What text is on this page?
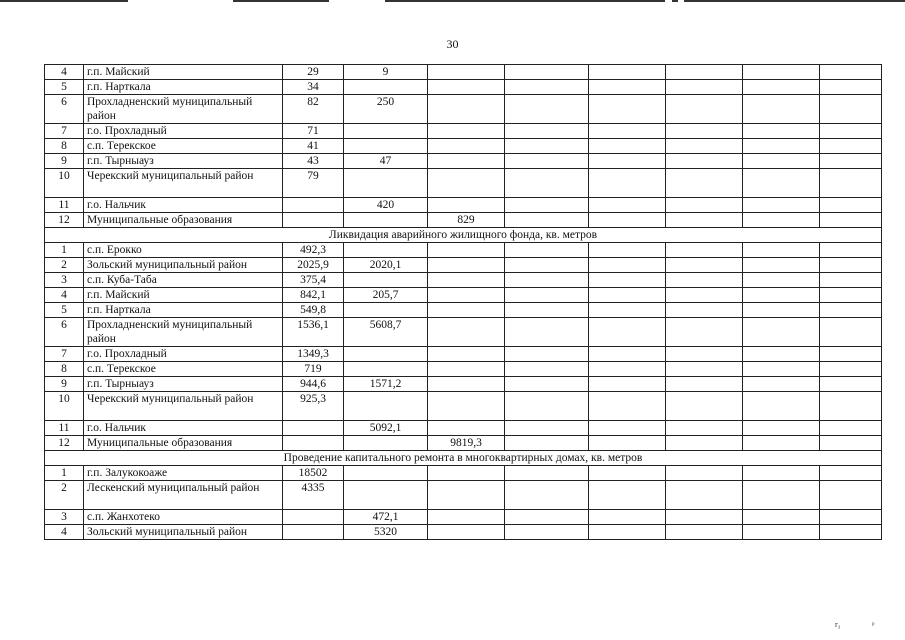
30
4	г.п. Майский	29	9						
5	г.п. Нарткала	34							
6	Прохладненский муниципальный район	82	250						
7	г.о. Прохладный	71							
8	с.п. Терекское	41							
9	г.п. Тырныауз	43	47						
10	Черекский муниципальный район	79							
11	г.о. Нальчик		420						
12	Муниципальные образования			829					
Ликвидация аварийного жилищного фонда, кв. метров									
1	с.п. Ерокко	492,3							
2	Зольский муниципальный район	2025,9	2020,1						
3	с.п. Куба-Таба	375,4							
4	г.п. Майский	842,1	205,7						
5	г.п. Нарткала	549,8							
6	Прохладненский муниципальный район	1536,1	5608,7						
7	г.о. Прохладный	1349,3							
8	с.п. Терекское	719							
9	г.п. Тырныауз	944,6	1571,2						
10	Черекский муниципальный район	925,3							
11	г.о. Нальчик		5092,1						
12	Муниципальные образования			9819,3					
Проведение капитального ремонта в многоквартирных домах, кв. метров									
1	г.п. Залукокоаже	18502							
2	Лескенский муниципальный район	4335							
3	с.п. Жанхотеко		472,1						
4	Зольский муниципальный район		5320						
r₃	ᵖ
